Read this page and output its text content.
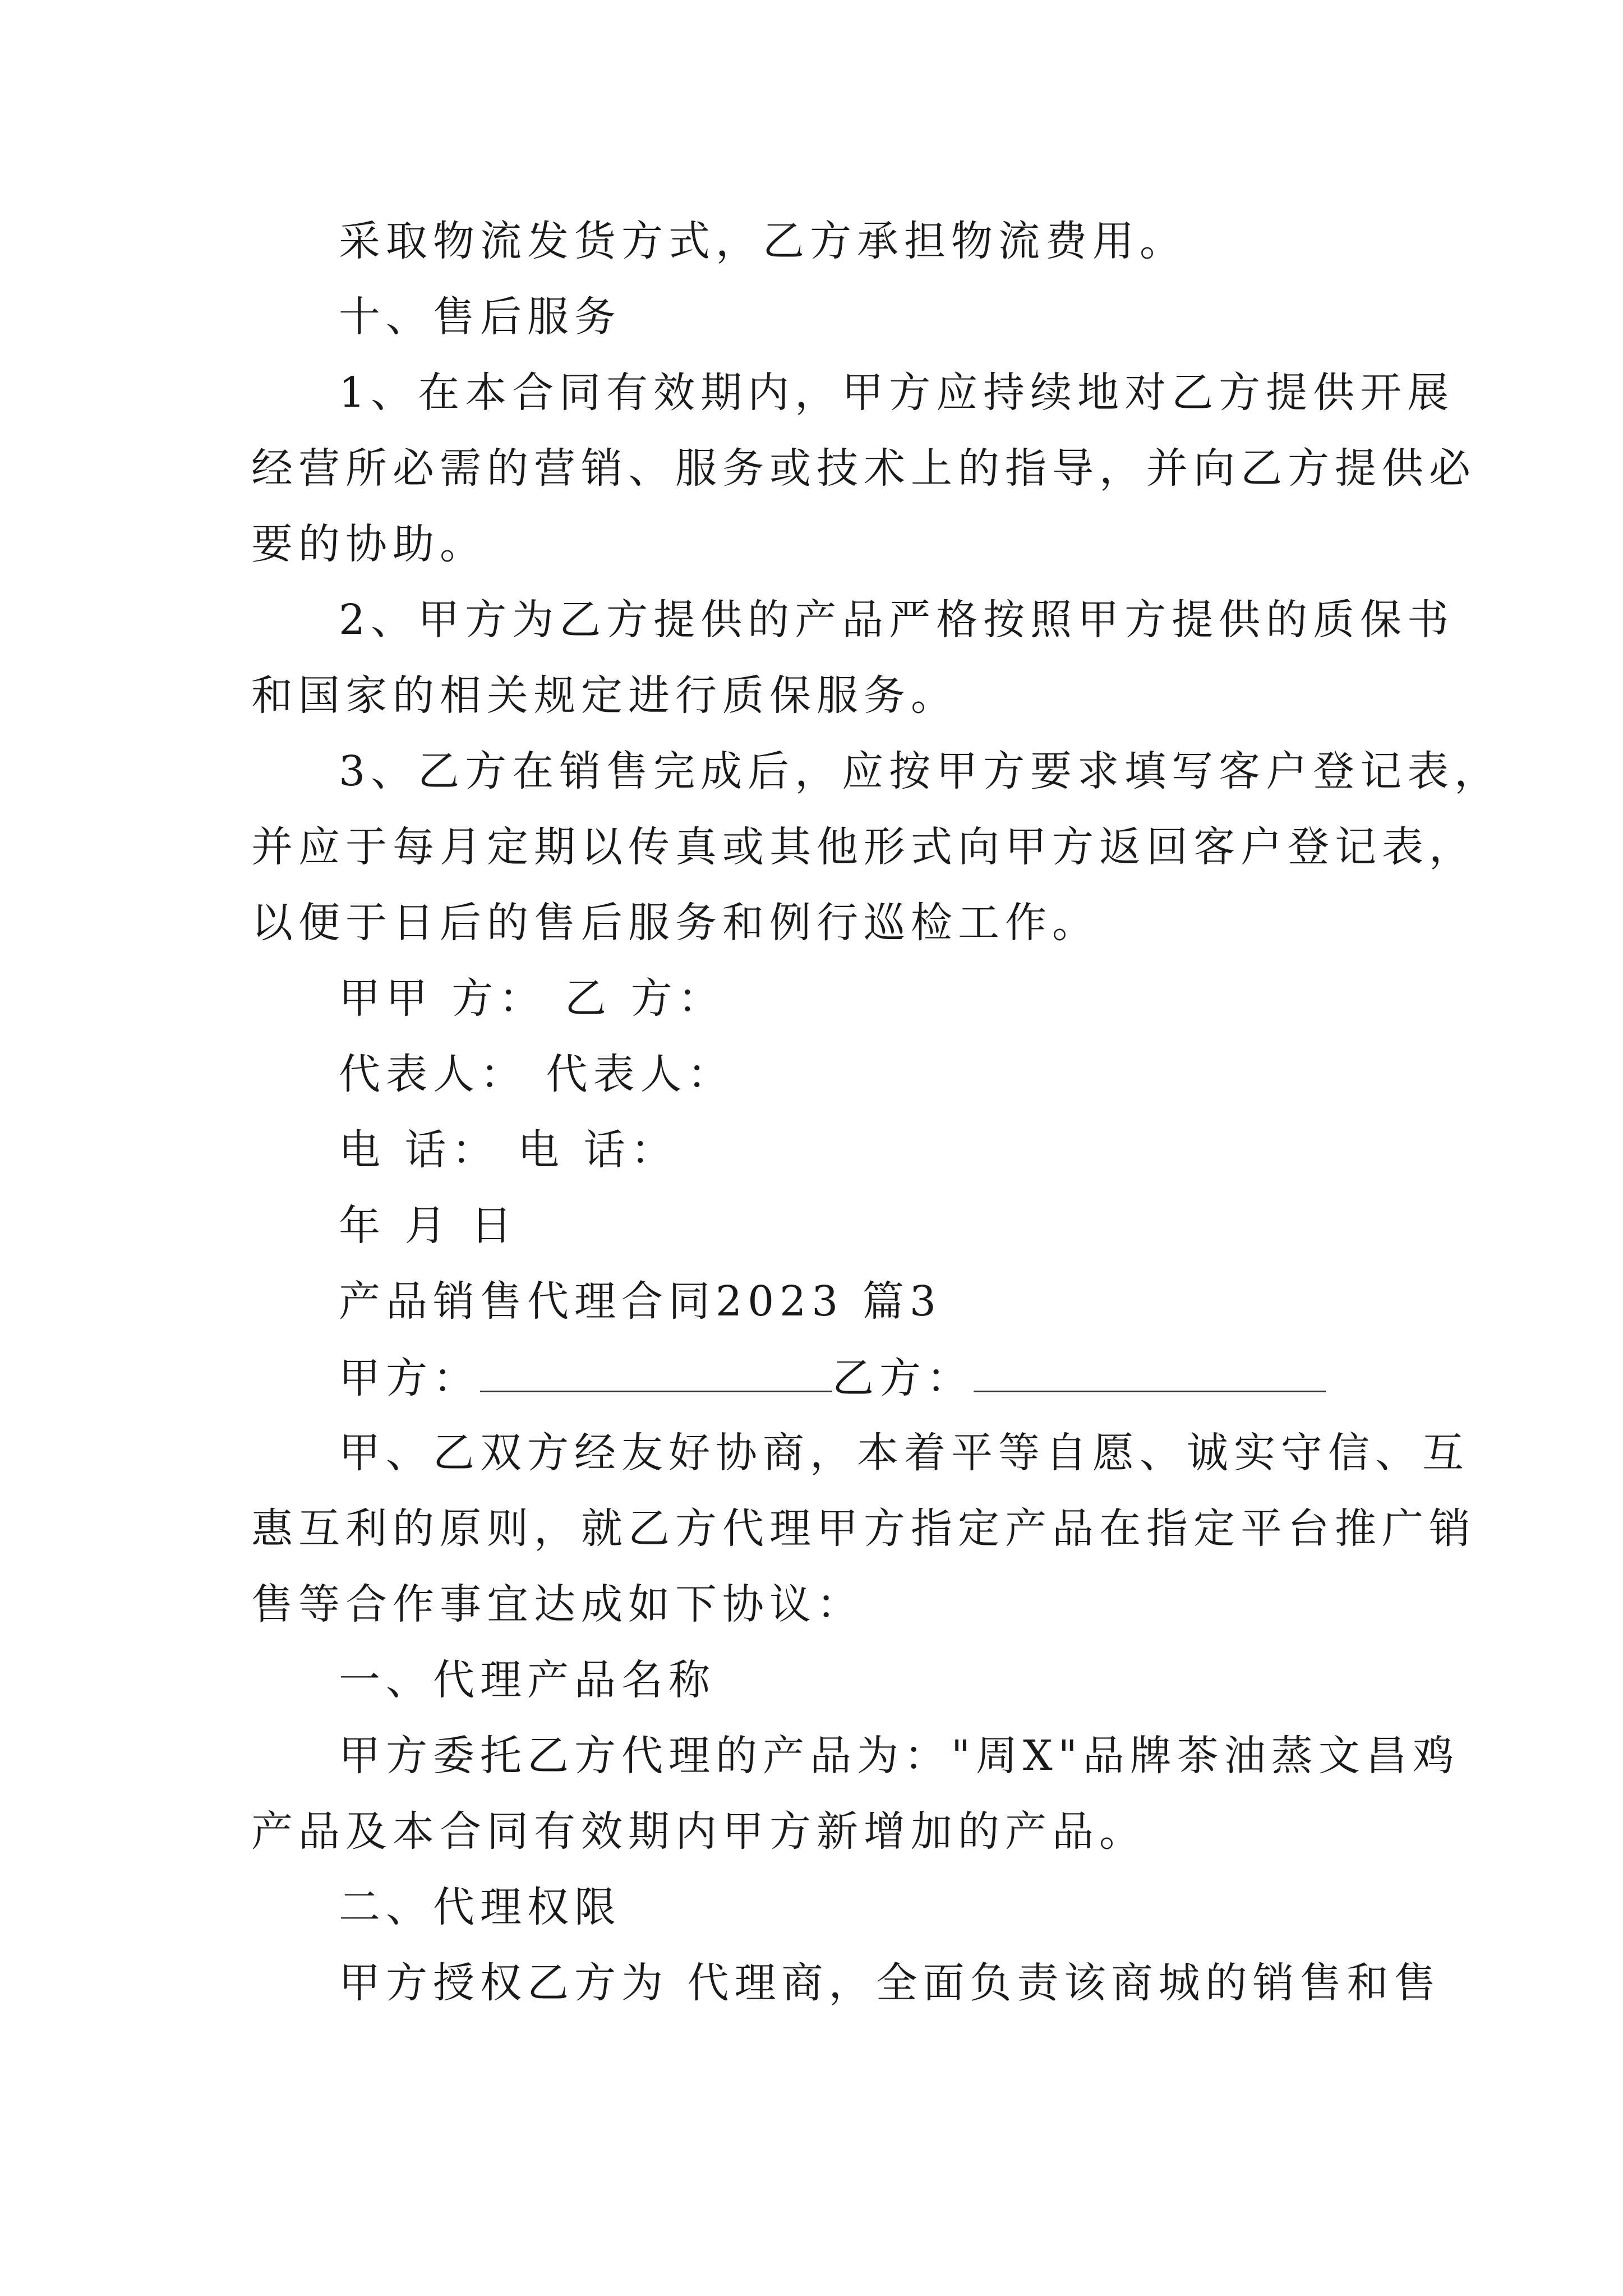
采取物流发货方式，乙方承担物流费用。
十、售后服务
1、在本合同有效期内，甲方应持续地对乙方提供开展
经营所必需的营销、服务或技术上的指导，并向乙方提供必
要的协助。
2、甲方为乙方提供的产品严格按照甲方提供的质保书
和国家的相关规定进行质保服务。
3、乙方在销售完成后，应按甲方要求填写客户登记表，
并应于每月定期以传真或其他形式向甲方返回客户登记表，
以便于日后的售后服务和例行巡检工作。
甲甲 方： 乙 方：
代表人： 代表人：
电 话： 电 话：
年 月 日
产品销售代理合同2023 篇3
甲方：	乙方：
甲、乙双方经友好协商，本着平等自愿、诚实守信、互
惠互利的原则，就乙方代理甲方指定产品在指定平台推广销
售等合作事宜达成如下协议：
一、代理产品名称
甲方委托乙方代理的产品为："周X"品牌茶油蒸文昌鸡
产品及本合同有效期内甲方新增加的产品。
二、代理权限
甲方授权乙方为 代理商，全面负责该商城的销售和售
